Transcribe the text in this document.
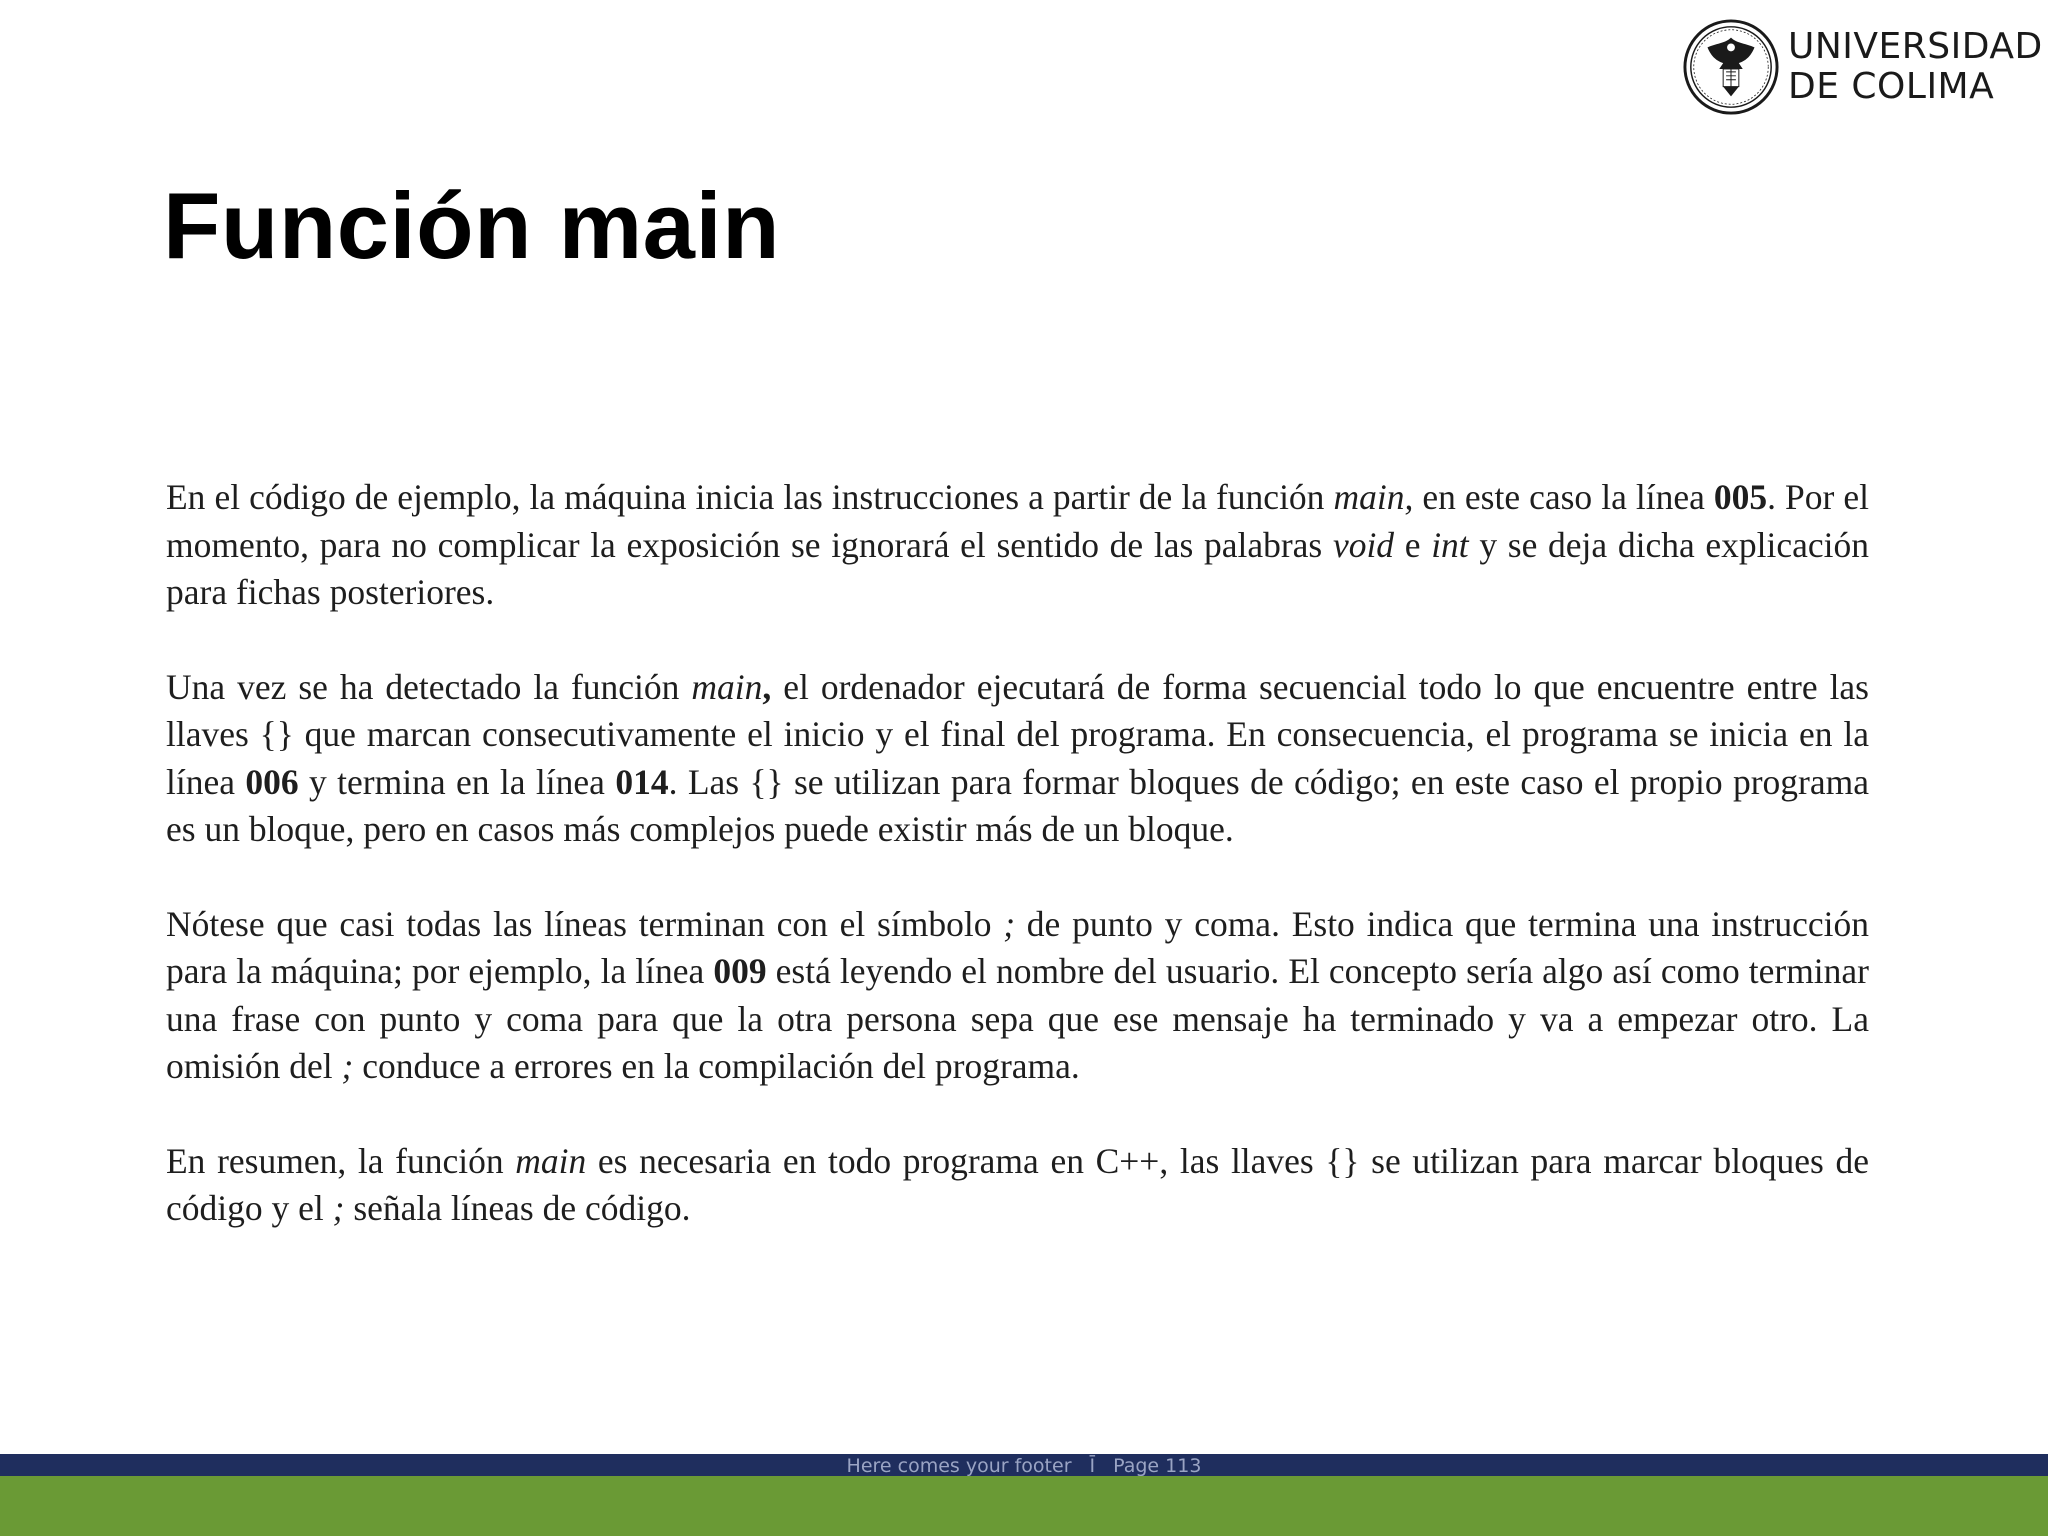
UNIVERSIDAD
DE COLIMA
Función main

En el código de ejemplo, la máquina inicia las instrucciones a partir de la función main, en este caso la línea 005. Por el momento, para no complicar la exposición se ignorará el sentido de las palabras void e int y se deja dicha explicación para fichas posteriores.

Una vez se ha detectado la función main, el ordenador ejecutará de forma secuencial todo lo que encuentre entre las llaves {} que marcan consecutivamente el inicio y el final del programa. En consecuencia, el programa se inicia en la línea 006 y termina en la línea 014. Las {} se utilizan para formar bloques de código; en este caso el propio programa es un bloque, pero en casos más complejos puede existir más de un bloque.

Nótese que casi todas las líneas terminan con el símbolo ; de punto y coma. Esto indica que termina una instrucción para la máquina; por ejemplo, la línea 009 está leyendo el nombre del usuario. El concepto sería algo así como terminar una frase con punto y coma para que la otra persona sepa que ese mensaje ha terminado y va a empezar otro. La omisión del ; conduce a errores en la compilación del programa.

En resumen, la función main es necesaria en todo programa en C++, las llaves {} se utilizan para marcar bloques de código y el ; señala líneas de código.

Here comes your footer Ī Page 113
